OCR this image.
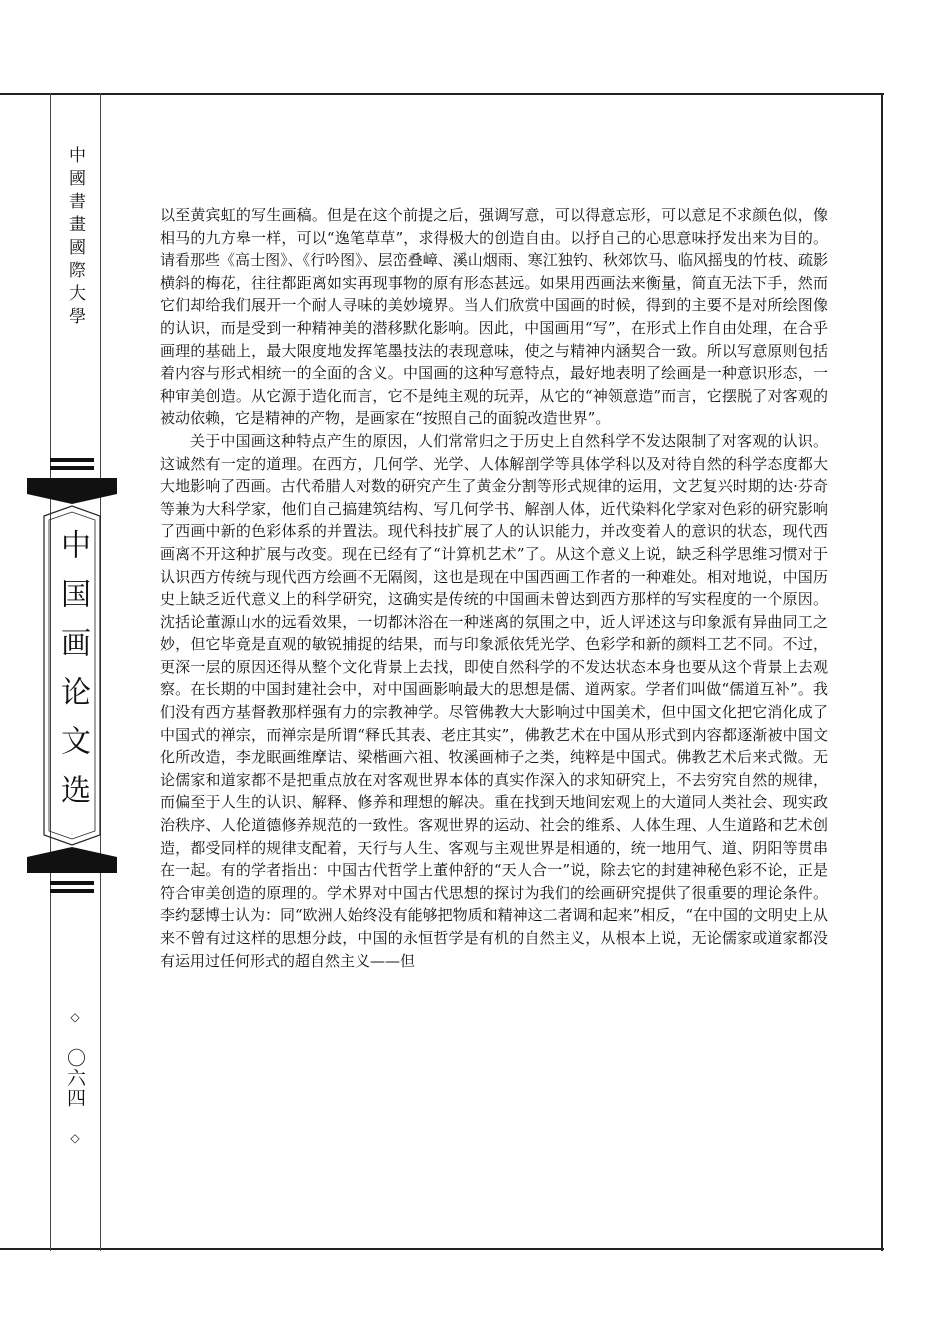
中國書畫國際大學
中国画论文选
◇ 〇六四 ◇

以至黄宾虹的写生画稿。但是在这个前提之后，强调写意，可以得意忘形，可以意足不求颜色似，像相马的九方皋一样，可以“逸笔草草”，求得极大的创造自由。以抒自己的心思意味抒发出来为目的。请看那些《高士图》、《行吟图》、层峦叠嶂、溪山烟雨、寒江独钓、秋郊饮马、临风摇曳的竹枝、疏影横斜的梅花，往往都距离如实再现事物的原有形态甚远。如果用西画法来衡量，简直无法下手，然而它们却给我们展开一个耐人寻味的美妙境界。当人们欣赏中国画的时候，得到的主要不是对所绘图像的认识，而是受到一种精神美的潜移默化影响。因此，中国画用“写”，在形式上作自由处理，在合乎画理的基础上，最大限度地发挥笔墨技法的表现意味，使之与精神内涵契合一致。所以写意原则包括着内容与形式相统一的全面的含义。中国画的这种写意特点，最好地表明了绘画是一种意识形态，一种审美创造。从它源于造化而言，它不是纯主观的玩弄，从它的“神领意造”而言，它摆脱了对客观的被动依赖，它是精神的产物，是画家在“按照自己的面貌改造世界”。

关于中国画这种特点产生的原因，人们常常归之于历史上自然科学不发达限制了对客观的认识。这诚然有一定的道理。在西方，几何学、光学、人体解剖学等具体学科以及对待自然的科学态度都大大地影响了西画。古代希腊人对数的研究产生了黄金分割等形式规律的运用，文艺复兴时期的达·芬奇等兼为大科学家，他们自己搞建筑结构、写几何学书、解剖人体，近代染料化学家对色彩的研究影响了西画中新的色彩体系的并置法。现代科技扩展了人的认识能力，并改变着人的意识的状态，现代西画离不开这种扩展与改变。现在已经有了“计算机艺术”了。从这个意义上说，缺乏科学思维习惯对于认识西方传统与现代西方绘画不无隔阂，这也是现在中国西画工作者的一种难处。相对地说，中国历史上缺乏近代意义上的科学研究，这确实是传统的中国画未曾达到西方那样的写实程度的一个原因。沈括论董源山水的远看效果，一切都沐浴在一种迷离的氛围之中，近人评述这与印象派有异曲同工之妙，但它毕竟是直观的敏锐捕捉的结果，而与印象派依凭光学、色彩学和新的颜料工艺不同。不过，更深一层的原因还得从整个文化背景上去找，即使自然科学的不发达状态本身也要从这个背景上去观察。在长期的中国封建社会中，对中国画影响最大的思想是儒、道两家。学者们叫做“儒道互补”。我们没有西方基督教那样强有力的宗教神学。尽管佛教大大影响过中国美术，但中国文化把它消化成了中国式的禅宗，而禅宗是所谓“释氏其表、老庄其实”，佛教艺术在中国从形式到内容都逐渐被中国文化所改造，李龙眠画维摩诘、梁楷画六祖、牧溪画柿子之类，纯粹是中国式。佛教艺术后来式微。无论儒家和道家都不是把重点放在对客观世界本体的真实作深入的求知研究上，不去穷究自然的规律，而偏至于人生的认识、解释、修养和理想的解决。重在找到天地间宏观上的大道同人类社会、现实政治秩序、人伦道德修养规范的一致性。客观世界的运动、社会的维系、人体生理、人生道路和艺术创造，都受同样的规律支配着，天行与人生、客观与主观世界是相通的，统一地用气、道、阴阳等贯串在一起。有的学者指出：中国古代哲学上董仲舒的“天人合一”说，除去它的封建神秘色彩不论，正是符合审美创造的原理的。学术界对中国古代思想的探讨为我们的绘画研究提供了很重要的理论条件。李约瑟博士认为：同“欧洲人始终没有能够把物质和精神这二者调和起来”相反，“在中国的文明史上从来不曾有过这样的思想分歧，中国的永恒哲学是有机的自然主义，从根本上说，无论儒家或道家都没有运用过任何形式的超自然主义——但
